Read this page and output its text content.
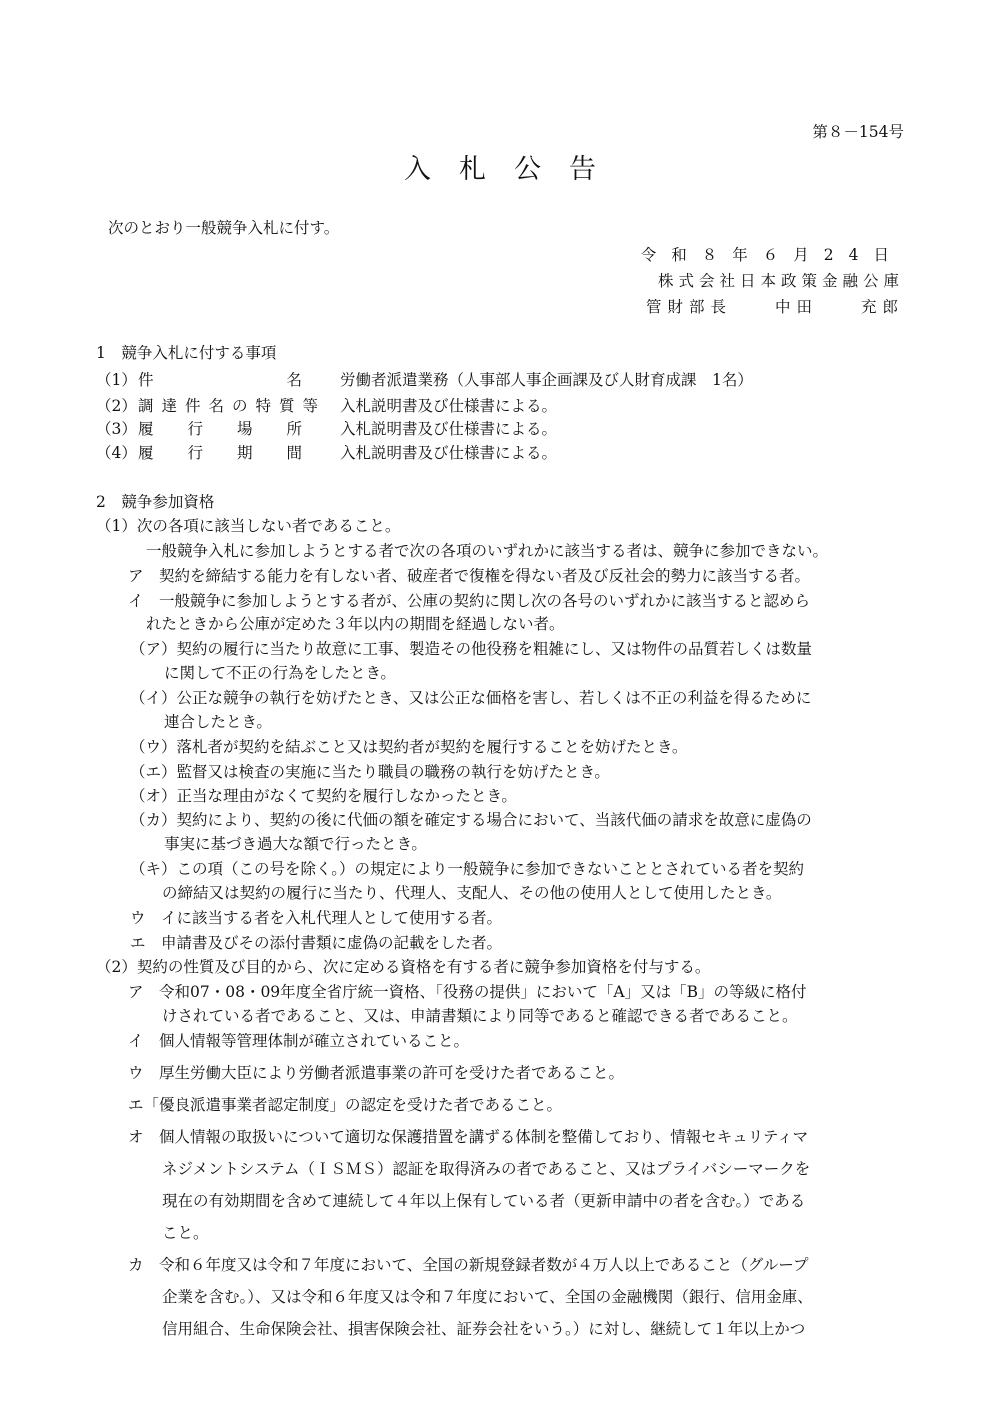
第８－154号
入札公告
次のとおり一般競争入札に付す。
令和８年６月24日
株式会社日本政策金融公庫
管財部長　　中田　　充郎
1　競争入札に付する事項
（1） 件名 労働者派遣業務（人事部人事企画課及び人財育成課　1名）
（2） 調達件名の特質等 入札説明書及び仕様書による。
（3） 履行場所 入札説明書及び仕様書による。
（4） 履行期間 入札説明書及び仕様書による。
2　競争参加資格
（1）次の各項に該当しない者であること。
一般競争入札に参加しようとする者で次の各項のいずれかに該当する者は、競争に参加できない。
ア　契約を締結する能力を有しない者、破産者で復権を得ない者及び反社会的勢力に該当する者。
イ　一般競争に参加しようとする者が、公庫の契約に関し次の各号のいずれかに該当すると認めら
れたときから公庫が定めた３年以内の期間を経過しない者。
（ア）契約の履行に当たり故意に工事、製造その他役務を粗雑にし、又は物件の品質若しくは数量
に関して不正の行為をしたとき。
（イ）公正な競争の執行を妨げたとき、又は公正な価格を害し、若しくは不正の利益を得るために
連合したとき。
（ウ）落札者が契約を結ぶこと又は契約者が契約を履行することを妨げたとき。
（エ）監督又は検査の実施に当たり職員の職務の執行を妨げたとき。
（オ）正当な理由がなくて契約を履行しなかったとき。
（カ）契約により、契約の後に代価の額を確定する場合において、当該代価の請求を故意に虚偽の
事実に基づき過大な額で行ったとき。
（キ）この項（この号を除く。）の規定により一般競争に参加できないこととされている者を契約
の締結又は契約の履行に当たり、代理人、支配人、その他の使用人として使用したとき。
ウ　イに該当する者を入札代理人として使用する者。
エ　申請書及びその添付書類に虚偽の記載をした者。
（2）契約の性質及び目的から、次に定める資格を有する者に競争参加資格を付与する。
ア　令和07・08・09年度全省庁統一資格、「役務の提供」において「A」又は「B」の等級に格付
けされている者であること、又は、申請書類により同等であると確認できる者であること。
イ　個人情報等管理体制が確立されていること。
ウ　厚生労働大臣により労働者派遣事業の許可を受けた者であること。
エ「優良派遣事業者認定制度」の認定を受けた者であること。
オ　個人情報の取扱いについて適切な保護措置を講ずる体制を整備しており、情報セキュリティマ
ネジメントシステム（ＩＳＭＳ）認証を取得済みの者であること、又はプライバシーマークを
現在の有効期間を含めて連続して４年以上保有している者（更新申請中の者を含む。）である
こと。
カ　令和６年度又は令和７年度において、全国の新規登録者数が４万人以上であること（グループ
企業を含む。）、又は令和６年度又は令和７年度において、全国の金融機関（銀行、信用金庫、
信用組合、生命保険会社、損害保険会社、証券会社をいう。）に対し、継続して１年以上かつ
